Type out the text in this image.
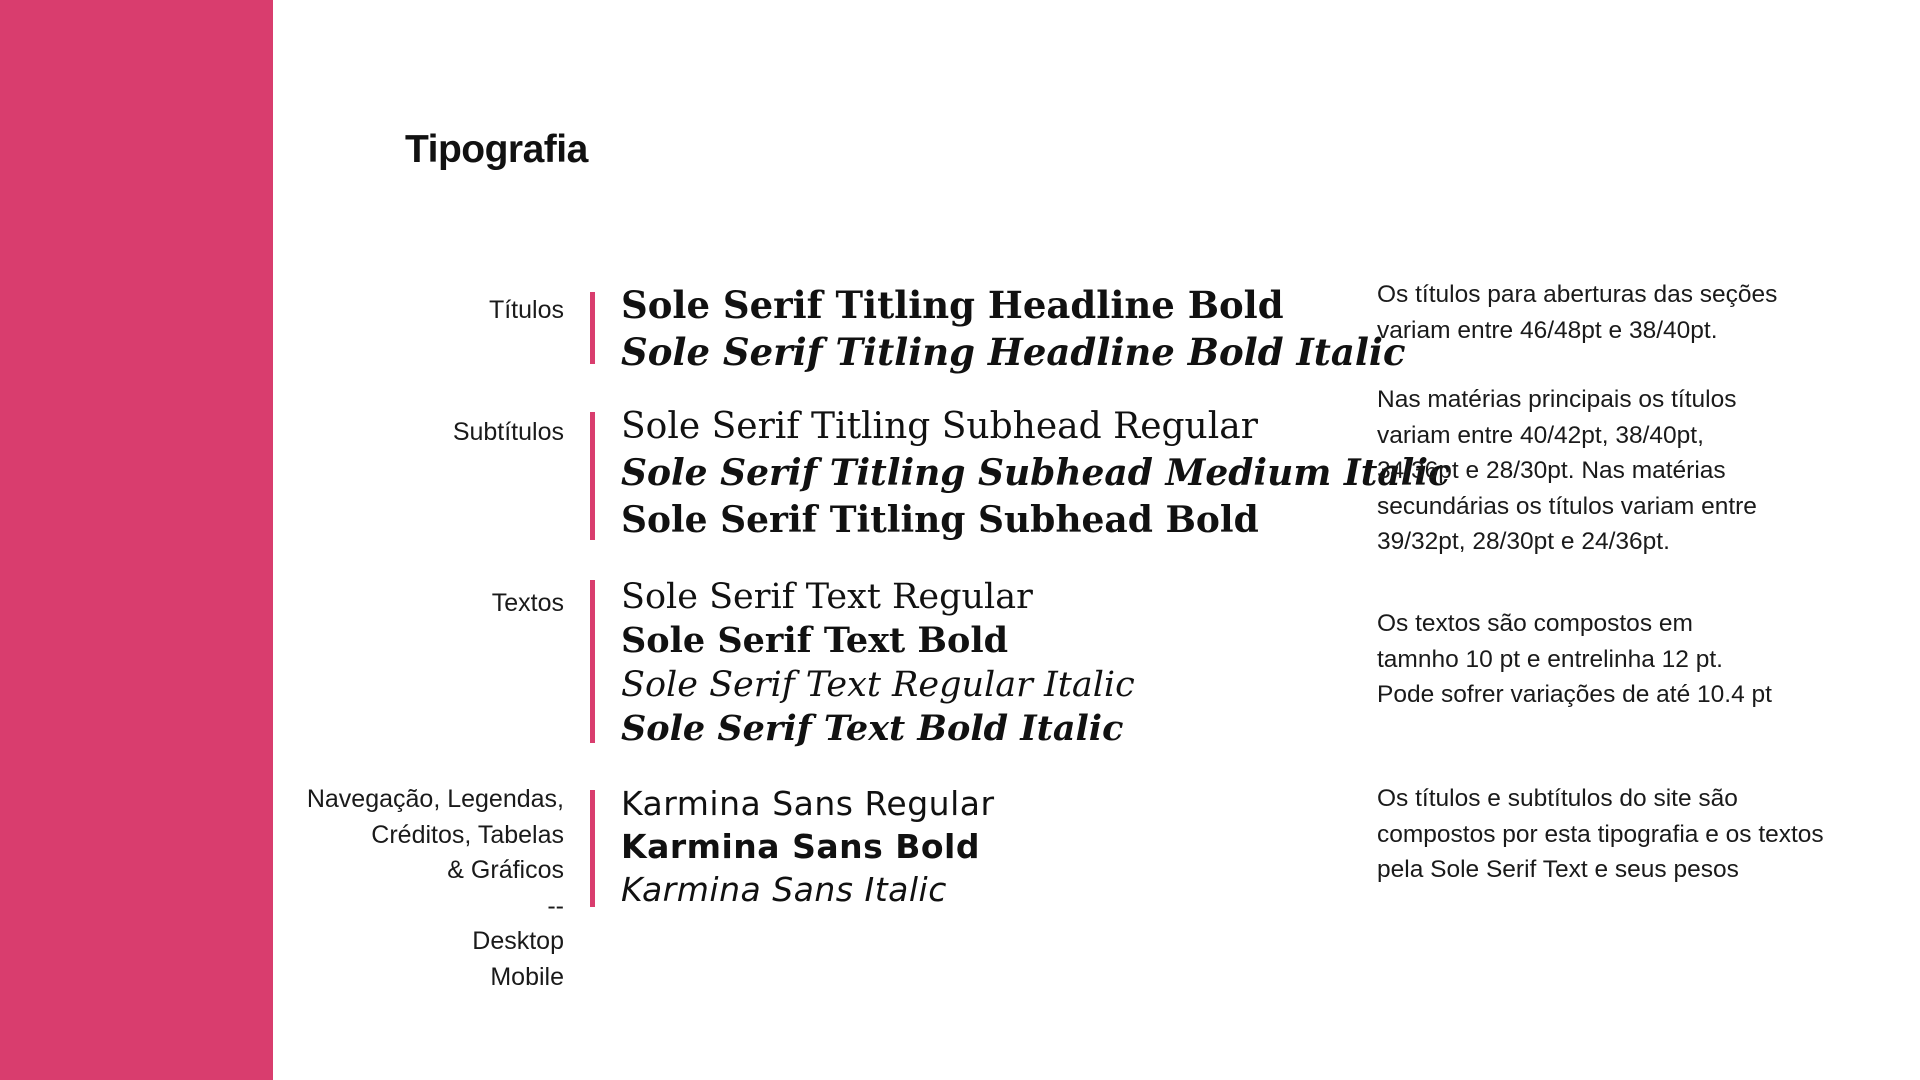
Tipografia
Títulos Sole Serif Titling Headline Bold
Sole Serif Titling Headline Bold Italic
Os títulos para aberturas das seções
variam entre 46/48pt e 38/40pt.
Subtítulos Sole Serif Titling Subhead Regular
Sole Serif Titling Subhead Medium Italic
Sole Serif Titling Subhead Bold
Nas matérias principais os títulos
variam entre 40/42pt, 38/40pt,
34/36pt e 28/30pt. Nas matérias
secundárias os títulos variam entre
39/32pt, 28/30pt e 24/36pt.
Textos Sole Serif Text Regular
Sole Serif Text Bold
Sole Serif Text Regular Italic
Sole Serif Text Bold Italic
Os textos são compostos em
tamnho 10 pt e entrelinha 12 pt.
Pode sofrer variações de até 10.4 pt
Navegação, Legendas,
Créditos, Tabelas
& Gráficos
--
Desktop
Mobile
Karmina Sans Regular
Karmina Sans Bold
Karmina Sans Italic
Os títulos e subtítulos do site são
compostos por esta tipografia e os textos
pela Sole Serif Text e seus pesos
